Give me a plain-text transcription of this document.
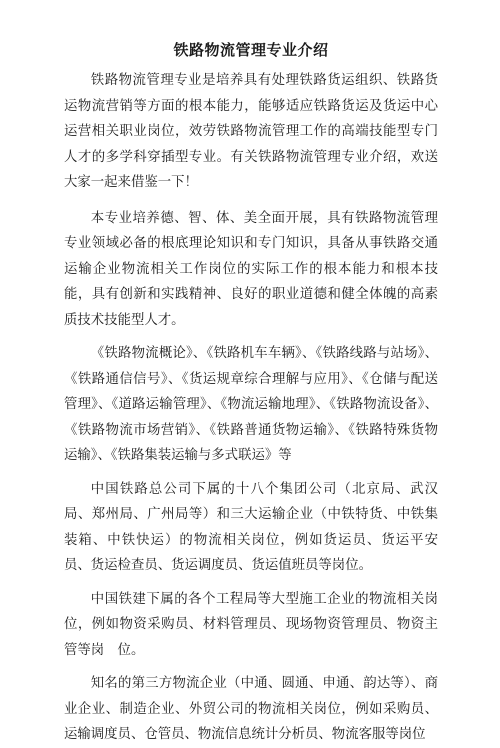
铁路物流管理专业介绍

铁路物流管理专业是培养具有处理铁路货运组织、铁路货运物流营销等方面的根本能力，能够适应铁路货运及货运中心运营相关职业岗位，效劳铁路物流管理工作的高端技能型专门人才的多学科穿插型专业。有关铁路物流管理专业介绍，欢送大家一起来借鉴一下！

本专业培养德、智、体、美全面开展，具有铁路物流管理专业领域必备的根底理论知识和专门知识，具备从事铁路交通运输企业物流相关工作岗位的实际工作的根本能力和根本技能，具有创新和实践精神、良好的职业道德和健全体魄的高素质技术技能型人才。

《铁路物流概论》、《铁路机车车辆》、《铁路线路与站场》、《铁路通信信号》、《货运规章综合理解与应用》、《仓储与配送管理》、《道路运输管理》、《物流运输地理》、《铁路物流设备》、《铁路物流市场营销》、《铁路普通货物运输》、《铁路特殊货物运输》、《铁路集装运输与多式联运》等

中国铁路总公司下属的十八个集团公司（北京局、武汉局、郑州局、广州局等）和三大运输企业（中铁特货、中铁集装箱、中铁快运）的物流相关岗位，例如货运员、货运平安员、货运检查员、货运调度员、货运值班员等岗位。

中国铁建下属的各个工程局等大型施工企业的物流相关岗位，例如物资采购员、材料管理员、现场物资管理员、物资主管等岗　位。

知名的第三方物流企业（中通、圆通、申通、韵达等）、商业企业、制造企业、外贸公司的物流相关岗位，例如采购员、运输调度员、仓管员、物流信息统计分析员、物流客服等岗位
